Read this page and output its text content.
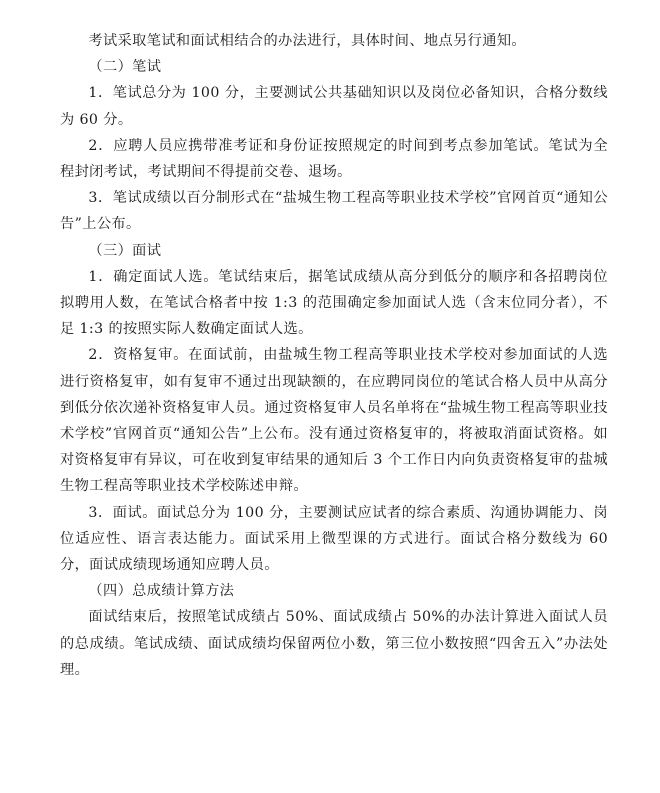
考试采取笔试和面试相结合的办法进行，具体时间、地点另行通知。

（二）笔试

1．笔试总分为 100 分，主要测试公共基础知识以及岗位必备知识，合格分数线为 60 分。

2．应聘人员应携带准考证和身份证按照规定的时间到考点参加笔试。笔试为全程封闭考试，考试期间不得提前交卷、退场。

3．笔试成绩以百分制形式在“盐城生物工程高等职业技术学校”官网首页“通知公告”上公布。

（三）面试

1．确定面试人选。笔试结束后，据笔试成绩从高分到低分的顺序和各招聘岗位拟聘用人数，在笔试合格者中按 1:3 的范围确定参加面试人选（含末位同分者），不足 1:3 的按照实际人数确定面试人选。

2．资格复审。在面试前，由盐城生物工程高等职业技术学校对参加面试的人选进行资格复审，如有复审不通过出现缺额的，在应聘同岗位的笔试合格人员中从高分到低分依次递补资格复审人员。通过资格复审人员名单将在“盐城生物工程高等职业技术学校”官网首页“通知公告”上公布。没有通过资格复审的，将被取消面试资格。如对资格复审有异议，可在收到复审结果的通知后 3 个工作日内向负责资格复审的盐城生物工程高等职业技术学校陈述申辩。

3．面试。面试总分为 100 分，主要测试应试者的综合素质、沟通协调能力、岗位适应性、语言表达能力。面试采用上微型课的方式进行。面试合格分数线为 60 分，面试成绩现场通知应聘人员。

（四）总成绩计算方法

面试结束后，按照笔试成绩占 50%、面试成绩占 50%的办法计算进入面试人员的总成绩。笔试成绩、面试成绩均保留两位小数，第三位小数按照“四舍五入”办法处理。
